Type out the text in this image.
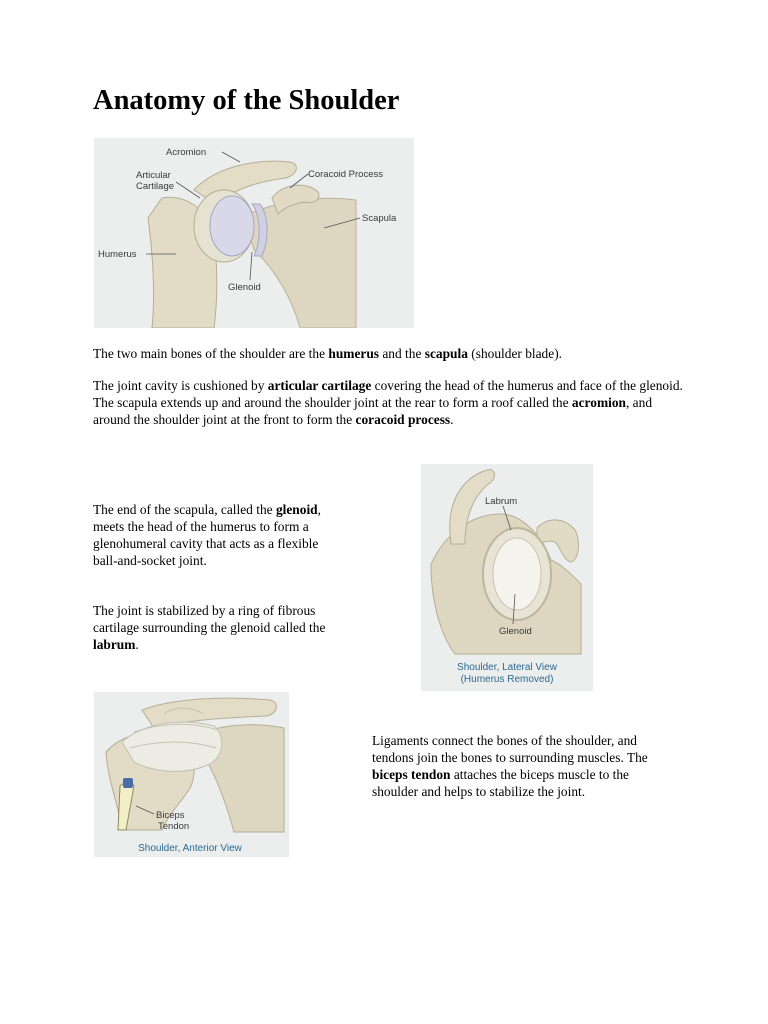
Anatomy of the Shoulder
Acromion
Articular
Cartilage
Coracoid Process
Scapula
Humerus
Glenoid

The two main bones of the shoulder are the humerus and the scapula (shoulder blade).

The joint cavity is cushioned by articular cartilage covering the head of the humerus and face of the glenoid. The scapula extends up and around the shoulder joint at the rear to form a roof called the acromion, and around the shoulder joint at the front to form the coracoid process.

The end of the scapula, called the glenoid, meets the head of the humerus to form a glenohumeral cavity that acts as a flexible ball-and-socket joint.

The joint is stabilized by a ring of fibrous cartilage surrounding the glenoid called the labrum.

Labrum
Glenoid
Shoulder, Lateral View
(Humerus Removed)
Biceps
Tendon
Shoulder, Anterior View

Ligaments connect the bones of the shoulder, and tendons join the bones to surrounding muscles. The biceps tendon attaches the biceps muscle to the shoulder and helps to stabilize the joint.
